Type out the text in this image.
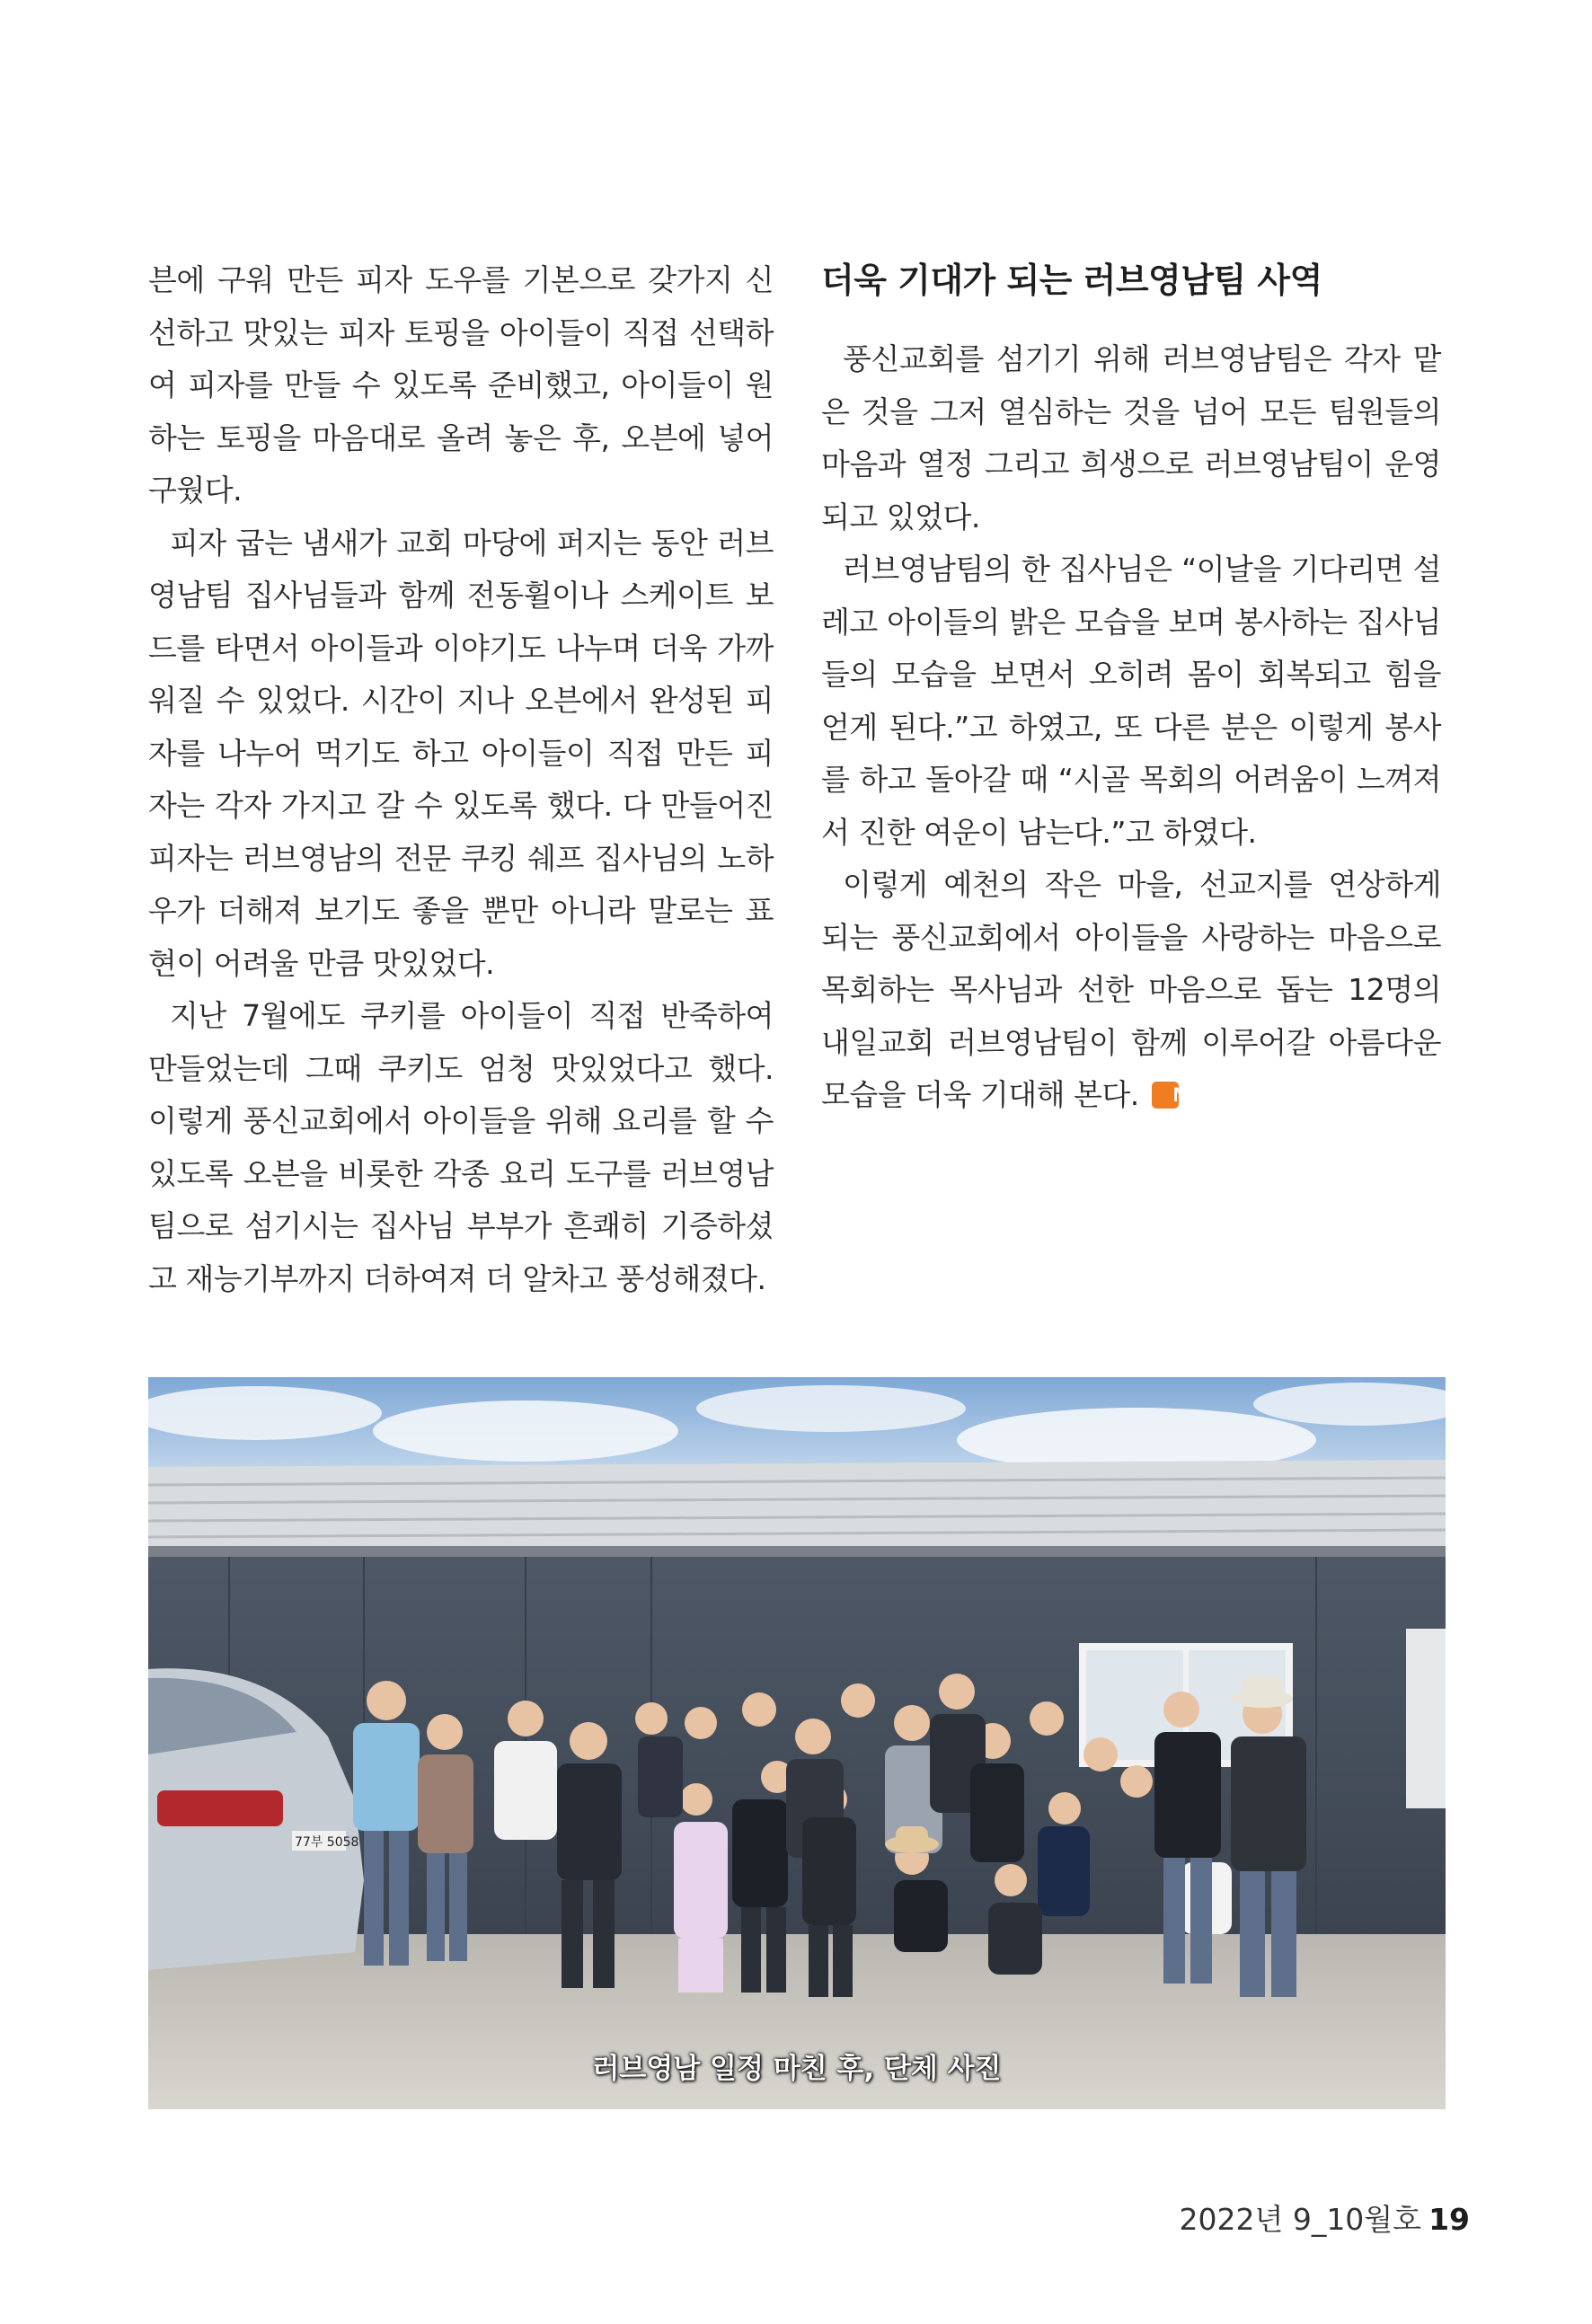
븐에 구워 만든 피자 도우를 기본으로 갖가지 신선하고 맛있는 피자 토핑을 아이들이 직접 선택하여 피자를 만들 수 있도록 준비했고, 아이들이 원하는 토핑을 마음대로 올려 놓은 후, 오븐에 넣어 구웠다.

피자 굽는 냄새가 교회 마당에 퍼지는 동안 러브영남팀 집사님들과 함께 전동휠이나 스케이트 보드를 타면서 아이들과 이야기도 나누며 더욱 가까워질 수 있었다. 시간이 지나 오븐에서 완성된 피자를 나누어 먹기도 하고 아이들이 직접 만든 피자는 각자 가지고 갈 수 있도록 했다. 다 만들어진 피자는 러브영남의 전문 쿠킹 쉐프 집사님의 노하우가 더해져 보기도 좋을 뿐만 아니라 말로는 표현이 어려울 만큼 맛있었다.

지난 7월에도 쿠키를 아이들이 직접 반죽하여 만들었는데 그때 쿠키도 엄청 맛있었다고 했다. 이렇게 풍신교회에서 아이들을 위해 요리를 할 수 있도록 오븐을 비롯한 각종 요리 도구를 러브영남팀으로 섬기시는 집사님 부부가 흔쾌히 기증하셨고 재능기부까지 더하여져 더 알차고 풍성해졌다.

더욱 기대가 되는 러브영남팀 사역

풍신교회를 섬기기 위해 러브영남팀은 각자 맡은 것을 그저 열심하는 것을 넘어 모든 팀원들의 마음과 열정 그리고 희생으로 러브영남팀이 운영되고 있었다.

러브영남팀의 한 집사님은 “이날을 기다리면 설레고 아이들의 밝은 모습을 보며 봉사하는 집사님들의 모습을 보면서 오히려 몸이 회복되고 힘을 얻게 된다.”고 하였고, 또 다른 분은 이렇게 봉사를 하고 돌아갈 때 “시골 목회의 어려움이 느껴져서 진한 여운이 남는다.”고 하였다.

이렇게 예천의 작은 마을, 선교지를 연상하게 되는 풍신교회에서 아이들을 사랑하는 마음으로 목회하는 목사님과 선한 마음으로 돕는 12명의 내일교회 러브영남팀이 함께 이루어갈 아름다운 모습을 더욱 기대해 본다.N

77부 5058
러브영남 일정 마친 후, 단체 사진
2022년 9_10월호 19
